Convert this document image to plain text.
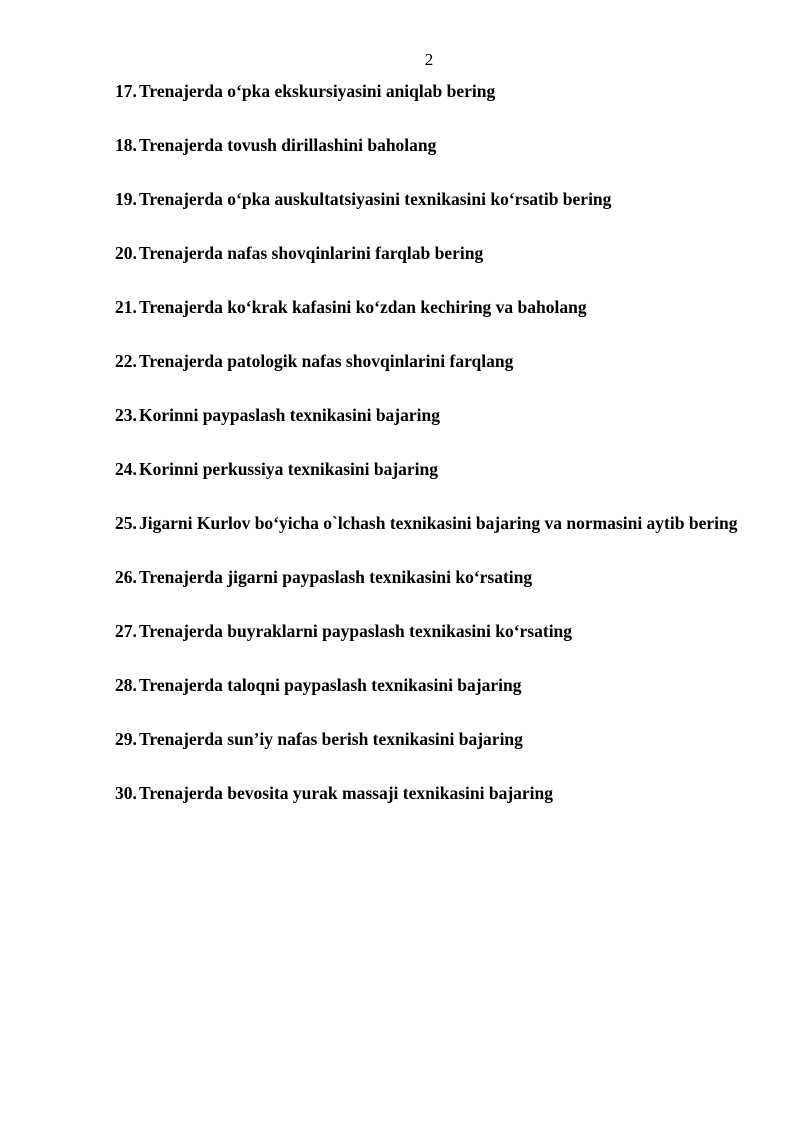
2
17. Trenajerda o‘pka ekskursiyasini aniqlab bering
18. Trenajerda tovush dirillashini baholang
19. Trenajerda o‘pka auskultatsiyasini texnikasini ko‘rsatib bering
20. Trenajerda nafas shovqinlarini farqlab bering
21. Trenajerda ko‘krak kafasini ko‘zdan kechiring va baholang
22. Trenajerda patologik nafas shovqinlarini farqlang
23. Korinni paypaslash texnikasini bajaring
24. Korinni perkussiya texnikasini bajaring
25. Jigarni Kurlov bo‘yicha o`lchash texnikasini bajaring va normasini aytib bering
26. Trenajerda jigarni paypaslash texnikasini ko‘rsating
27. Trenajerda buyraklarni paypaslash texnikasini ko‘rsating
28. Trenajerda taloqni paypaslash texnikasini bajaring
29. Trenajerda sun’iy nafas berish texnikasini bajaring
30. Trenajerda bevosita yurak massaji texnikasini bajaring
